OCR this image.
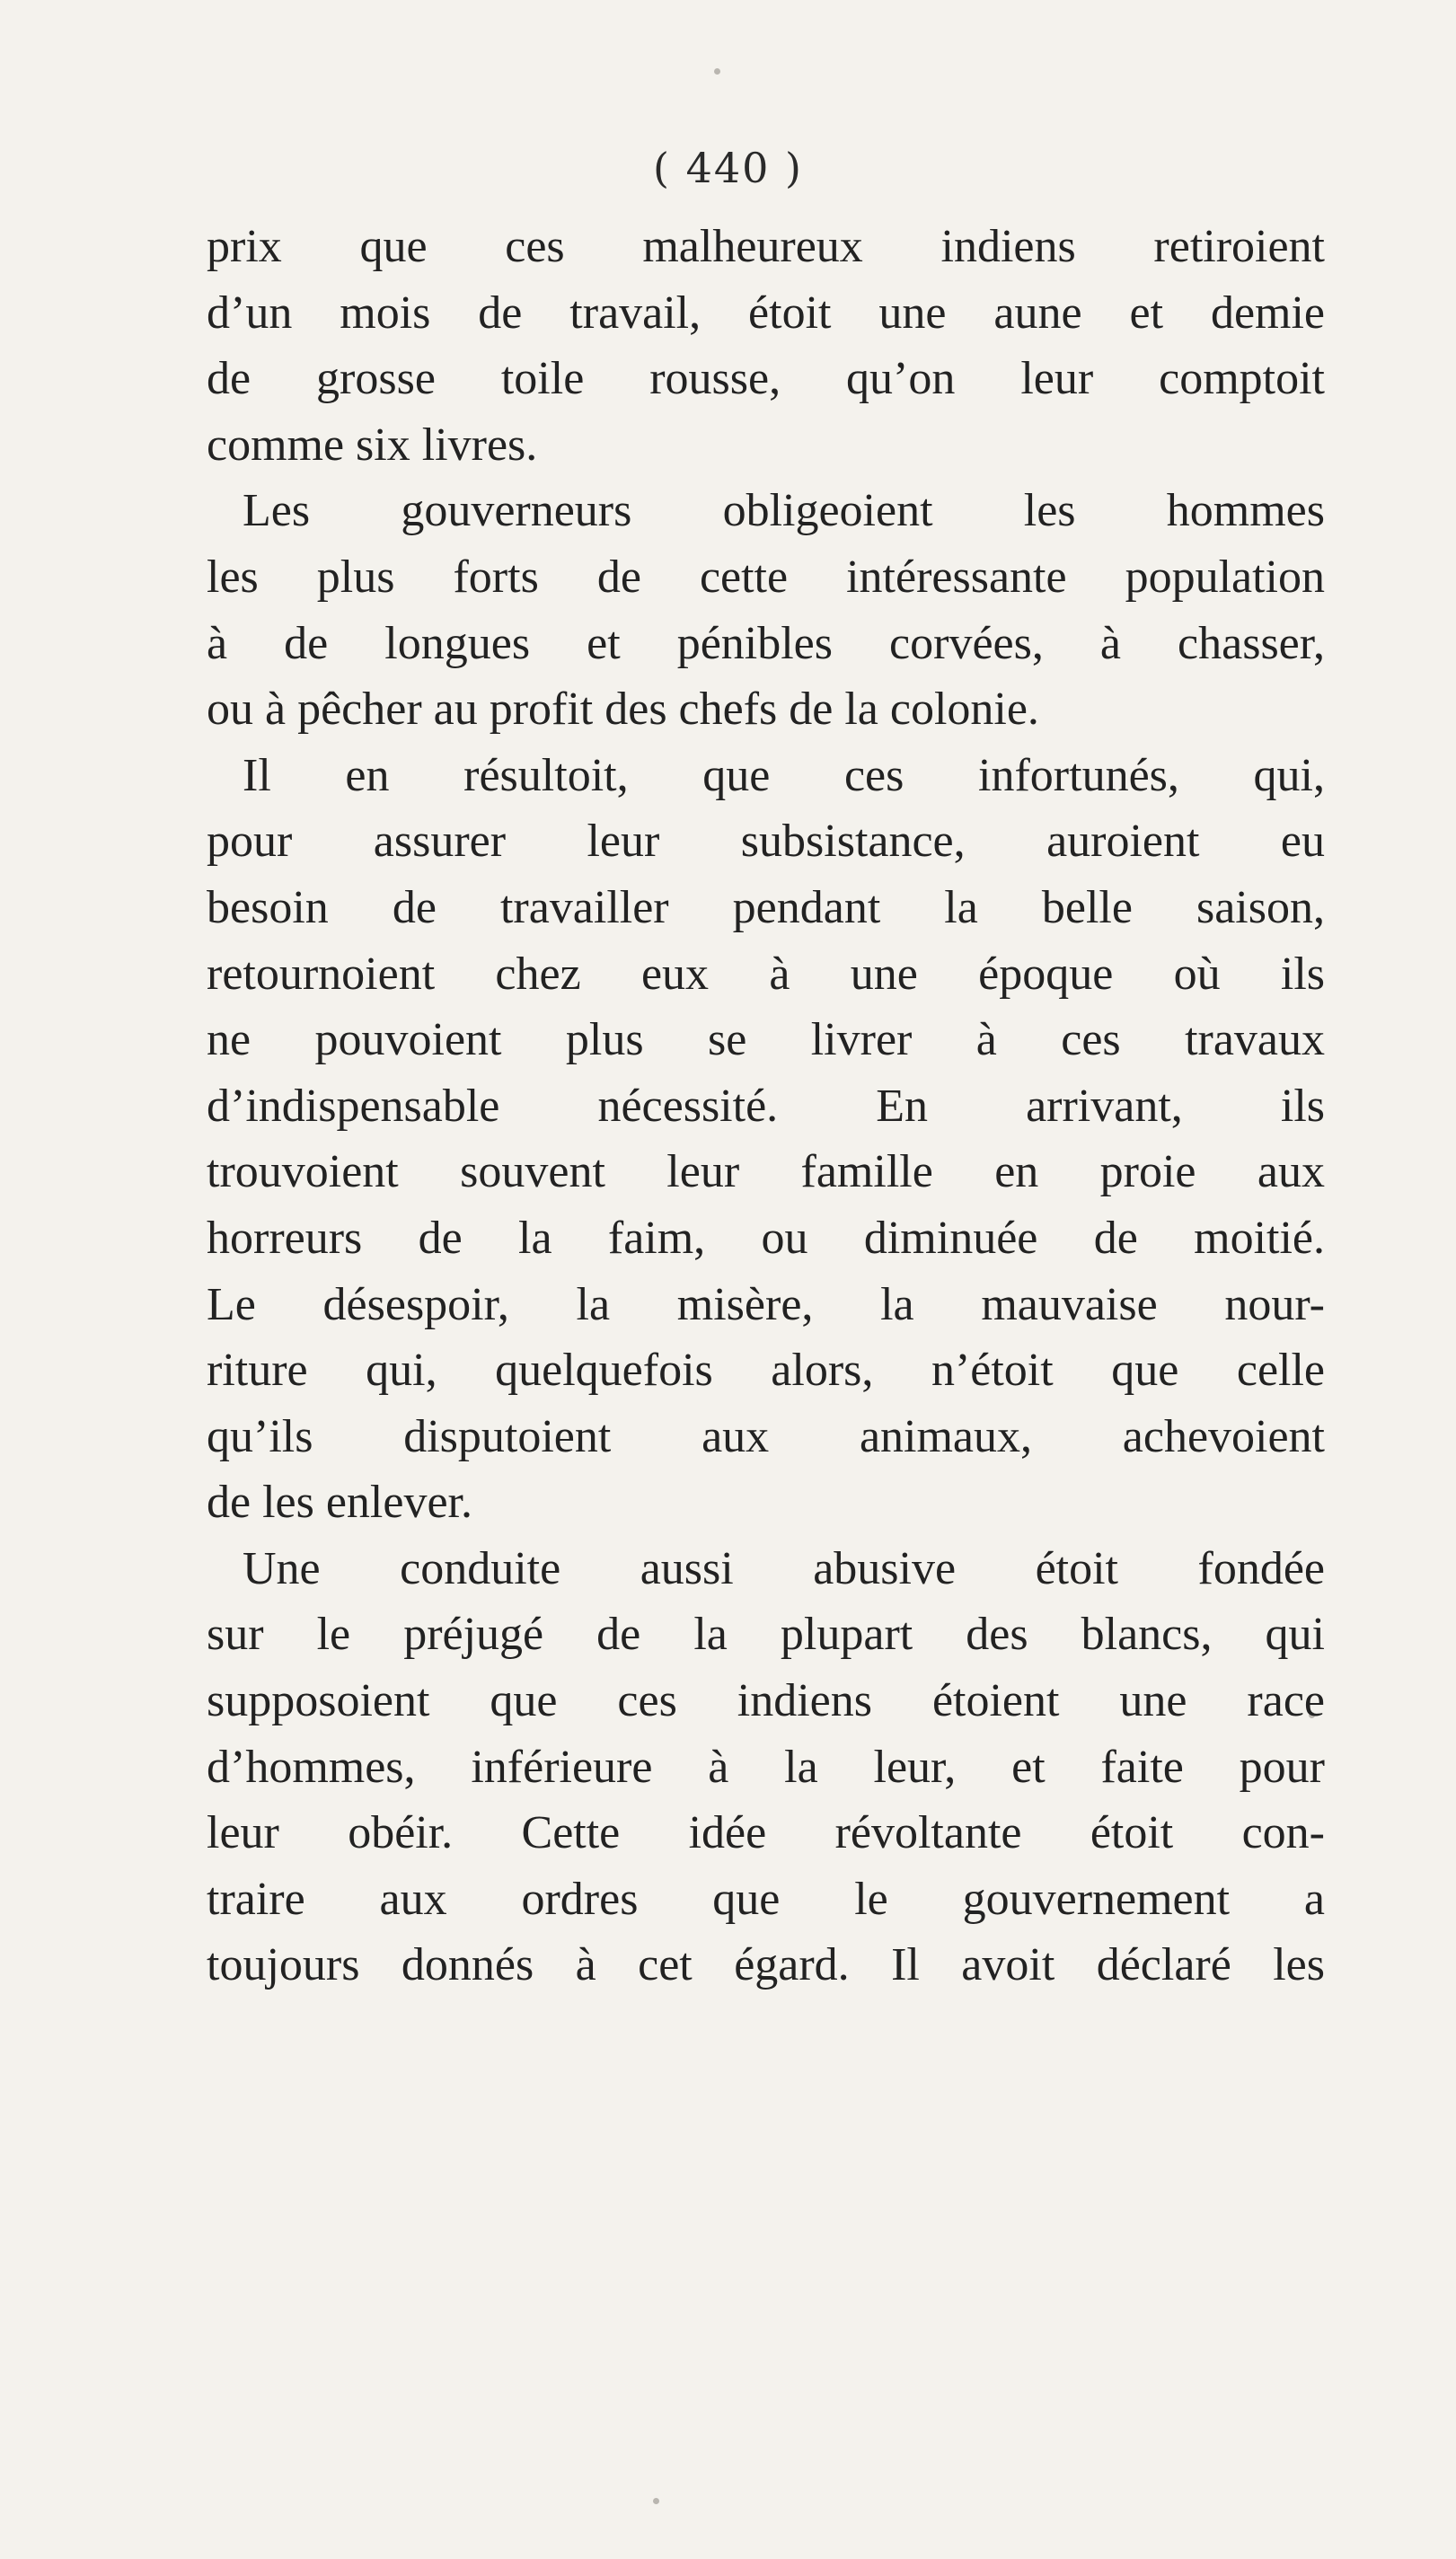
( 440 )
prix que ces malheureux indiens retiroient
d’un mois de travail, étoit une aune et demie
de grosse toile rousse, qu’on leur comptoit
comme six livres.
Les gouverneurs obligeoient les hommes
les plus forts de cette intéressante population
à de longues et pénibles corvées, à chasser,
ou à pêcher au profit des chefs de la colonie.
Il en résultoit, que ces infortunés, qui,
pour assurer leur subsistance, auroient eu
besoin de travailler pendant la belle saison,
retournoient chez eux à une époque où ils
ne pouvoient plus se livrer à ces travaux
d’indispensable nécessité. En arrivant, ils
trouvoient souvent leur famille en proie aux
horreurs de la faim, ou diminuée de moitié.
Le désespoir, la misère, la mauvaise nour-
riture qui, quelquefois alors, n’étoit que celle
qu’ils disputoient aux animaux, achevoient
de les enlever.
Une conduite aussi abusive étoit fondée
sur le préjugé de la plupart des blancs, qui
supposoient que ces indiens étoient une race
d’hommes, inférieure à la leur, et faite pour
leur obéir. Cette idée révoltante étoit con-
traire aux ordres que le gouvernement a
toujours donnés à cet égard. Il avoit déclaré les
